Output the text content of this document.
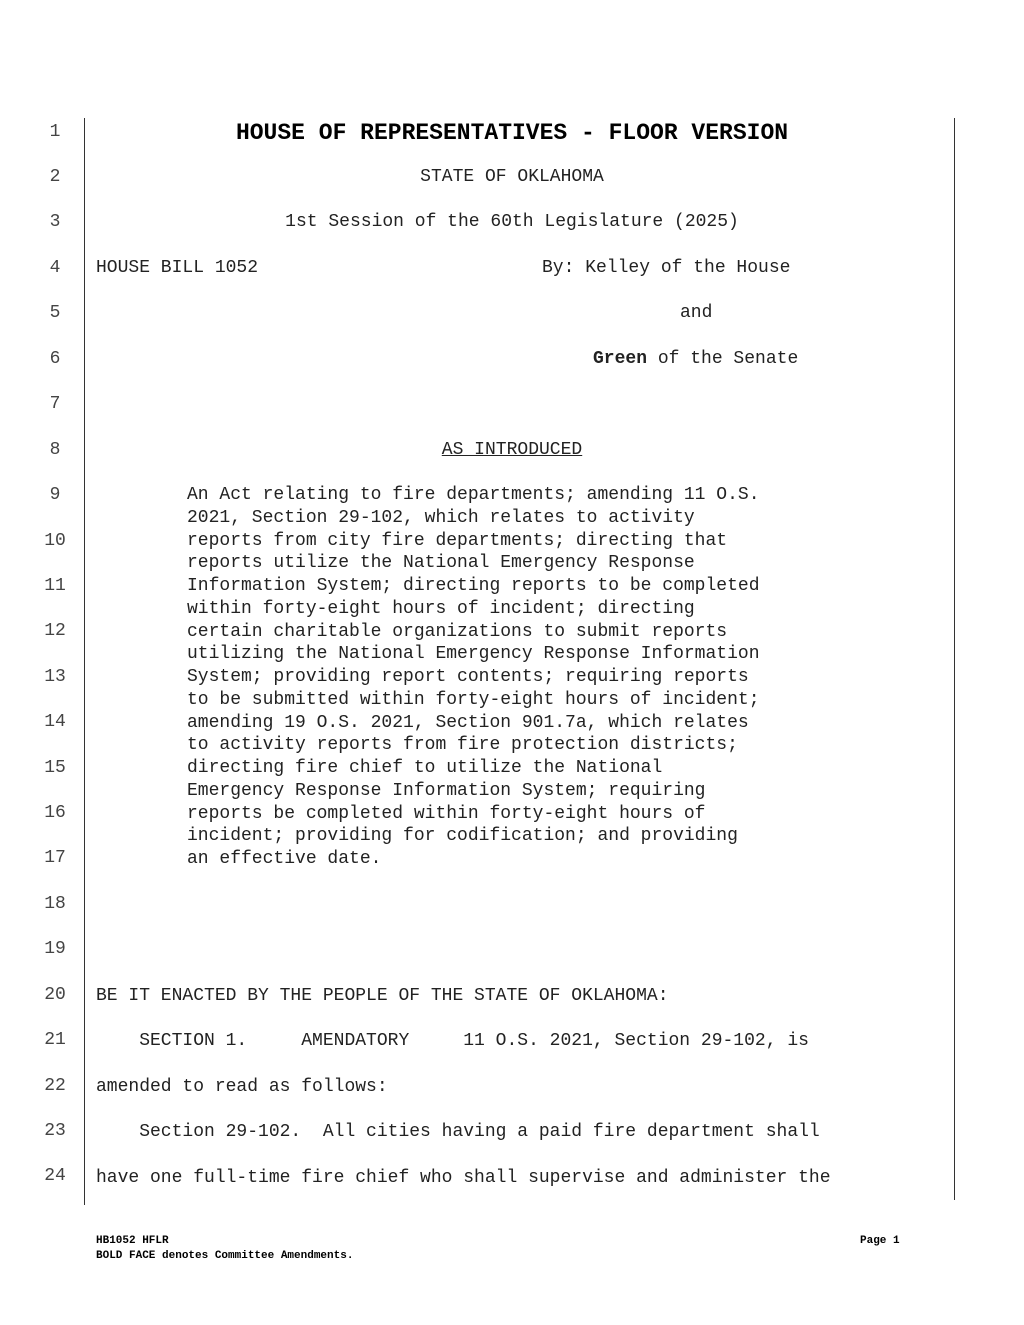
1
2
3
4
5
6
7
8
9
10
11
12
13
14
15
16
17
18
19
20
21
22
23
24
HOUSE OF REPRESENTATIVES - FLOOR VERSION
STATE OF OKLAHOMA
1st Session of the 60th Legislature (2025)
HOUSE BILL 1052	By: Kelley of the House
and
Green of the Senate
AS INTRODUCED
An Act relating to fire departments; amending 11 O.S.
2021, Section 29-102, which relates to activity
reports from city fire departments; directing that
reports utilize the National Emergency Response
Information System; directing reports to be completed
within forty-eight hours of incident; directing
certain charitable organizations to submit reports
utilizing the National Emergency Response Information
System; providing report contents; requiring reports
to be submitted within forty-eight hours of incident;
amending 19 O.S. 2021, Section 901.7a, which relates
to activity reports from fire protection districts;
directing fire chief to utilize the National
Emergency Response Information System; requiring
reports be completed within forty-eight hours of
incident; providing for codification; and providing
an effective date.
BE IT ENACTED BY THE PEOPLE OF THE STATE OF OKLAHOMA:
SECTION 1.     AMENDATORY     11 O.S. 2021, Section 29-102, is
amended to read as follows:
Section 29-102.  All cities having a paid fire department shall
have one full-time fire chief who shall supervise and administer the
HB1052 HFLR
BOLD FACE denotes Committee Amendments.
Page 1
